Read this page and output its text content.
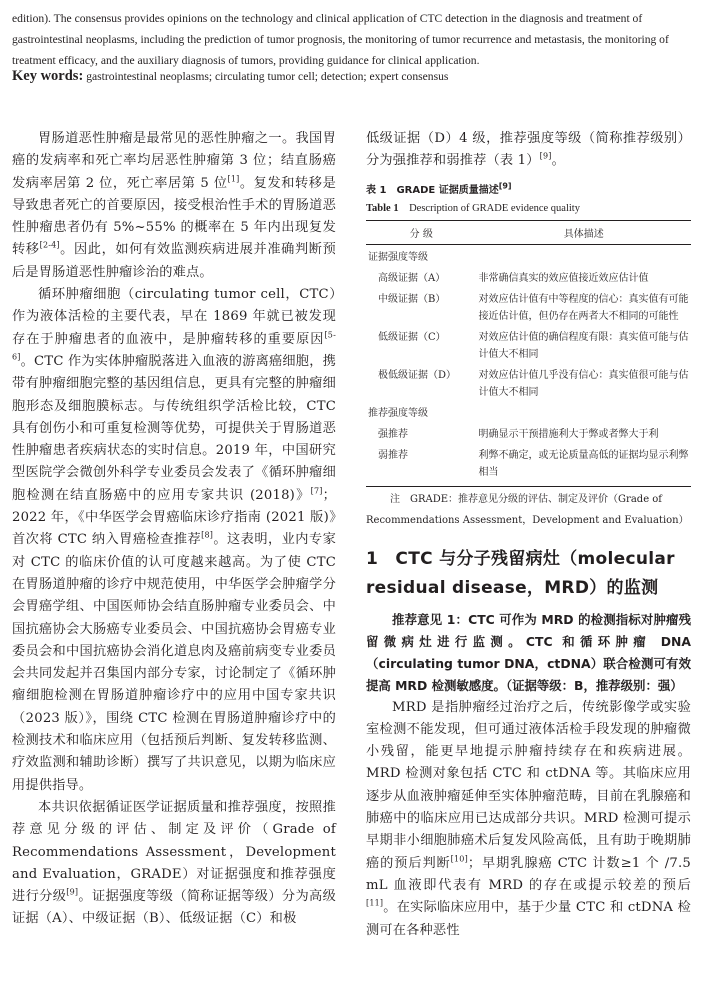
edition). The consensus provides opinions on the technology and clinical application of CTC detection in the diagnosis and treatment of gastrointestinal neoplasms, including the prediction of tumor prognosis, the monitoring of tumor recurrence and metastasis, the monitoring of treatment efficacy, and the auxiliary diagnosis of tumors, providing guidance for clinical application.
Key words: gastrointestinal neoplasms; circulating tumor cell; detection; expert consensus

胃肠道恶性肿瘤是最常见的恶性肿瘤之一。我国胃癌的发病率和死亡率均居恶性肿瘤第 3 位；结直肠癌发病率居第 2 位，死亡率居第 5 位[1]。复发和转移是导致患者死亡的首要原因，接受根治性手术的胃肠道恶性肿瘤患者仍有 5%~55% 的概率在 5 年内出现复发转移[2-4]。因此，如何有效监测疾病进展并准确判断预后是胃肠道恶性肿瘤诊治的难点。

循环肿瘤细胞（circulating tumor cell，CTC）作为液体活检的主要代表，早在 1869 年就已被发现存在于肿瘤患者的血液中，是肿瘤转移的重要原因[5-6]。CTC 作为实体肿瘤脱落进入血液的游离癌细胞，携带有肿瘤细胞完整的基因组信息，更具有完整的肿瘤细胞形态及细胞膜标志。与传统组织学活检比较，CTC 具有创伤小和可重复检测等优势，可提供关于胃肠道恶性肿瘤患者疾病状态的实时信息。2019 年，中国研究型医院学会微创外科学专业委员会发表了《循环肿瘤细胞检测在结直肠癌中的应用专家共识 (2018)》[7]；2022 年，《中华医学会胃癌临床诊疗指南 (2021 版)》首次将 CTC 纳入胃癌检查推荐[8]。这表明，业内专家对 CTC 的临床价值的认可度越来越高。为了使 CTC 在胃肠道肿瘤的诊疗中规范使用，中华医学会肿瘤学分会胃癌学组、中国医师协会结直肠肿瘤专业委员会、中国抗癌协会大肠癌专业委员会、中国抗癌协会胃癌专业委员会和中国抗癌协会消化道息肉及癌前病变专业委员会共同发起并召集国内部分专家，讨论制定了《循环肿瘤细胞检测在胃肠道肿瘤诊疗中的应用中国专家共识（2023 版）》，围绕 CTC 检测在胃肠道肿瘤诊疗中的检测技术和临床应用（包括预后判断、复发转移监测、疗效监测和辅助诊断）撰写了共识意见，以期为临床应用提供指导。

本共识依据循证医学证据质量和推荐强度，按照推荐意见分级的评估、制定及评价（Grade of Recommendations Assessment，Development and Evaluation，GRADE）对证据强度和推荐强度进行分级[9]。证据强度等级（简称证据等级）分为高级证据（A）、中级证据（B）、低级证据（C）和极

低级证据（D）4 级，推荐强度等级（简称推荐级别）分为强推荐和弱推荐（表 1）[9]。

表 1　GRADE 证据质量描述[9]
Table 1　Description of GRADE evidence quality
分 级	具体描述
证据强度等级	
高级证据（A）	非常确信真实的效应值接近效应估计值
中级证据（B）	对效应估计值有中等程度的信心：真实值有可能接近估计值，但仍存在两者大不相同的可能性
低级证据（C）	对效应估计值的确信程度有限：真实值可能与估计值大不相同
极低级证据（D）	对效应估计值几乎没有信心：真实值很可能与估计值大不相同
推荐强度等级	
强推荐	明确显示干预措施利大于弊或者弊大于利
弱推荐	利弊不确定，或无论质量高低的证据均显示利弊相当

注　GRADE：推荐意见分级的评估、制定及评价（Grade of Recommendations Assessment，Development and Evaluation）

1　CTC 与分子残留病灶（molecular residual disease，MRD）的监测

推荐意见 1：CTC 可作为 MRD 的检测指标对肿瘤残留微病灶进行监测。CTC 和循环肿瘤 DNA（circulating tumor DNA，ctDNA）联合检测可有效提高 MRD 检测敏感度。（证据等级：B，推荐级别：强）

MRD 是指肿瘤经过治疗之后，传统影像学或实验室检测不能发现，但可通过液体活检手段发现的肿瘤微小残留，能更早地提示肿瘤持续存在和疾病进展。MRD 检测对象包括 CTC 和 ctDNA 等。其临床应用逐步从血液肿瘤延伸至实体肿瘤范畴，目前在乳腺癌和肺癌中的临床应用已达成部分共识。MRD 检测可提示早期非小细胞肺癌术后复发风险高低，且有助于晚期肺癌的预后判断[10]；早期乳腺癌 CTC 计数≥1 个 /7.5 mL 血液即代表有 MRD 的存在或提示较差的预后[11]。在实际临床应用中，基于少量 CTC 和 ctDNA 检测可在各种恶性
